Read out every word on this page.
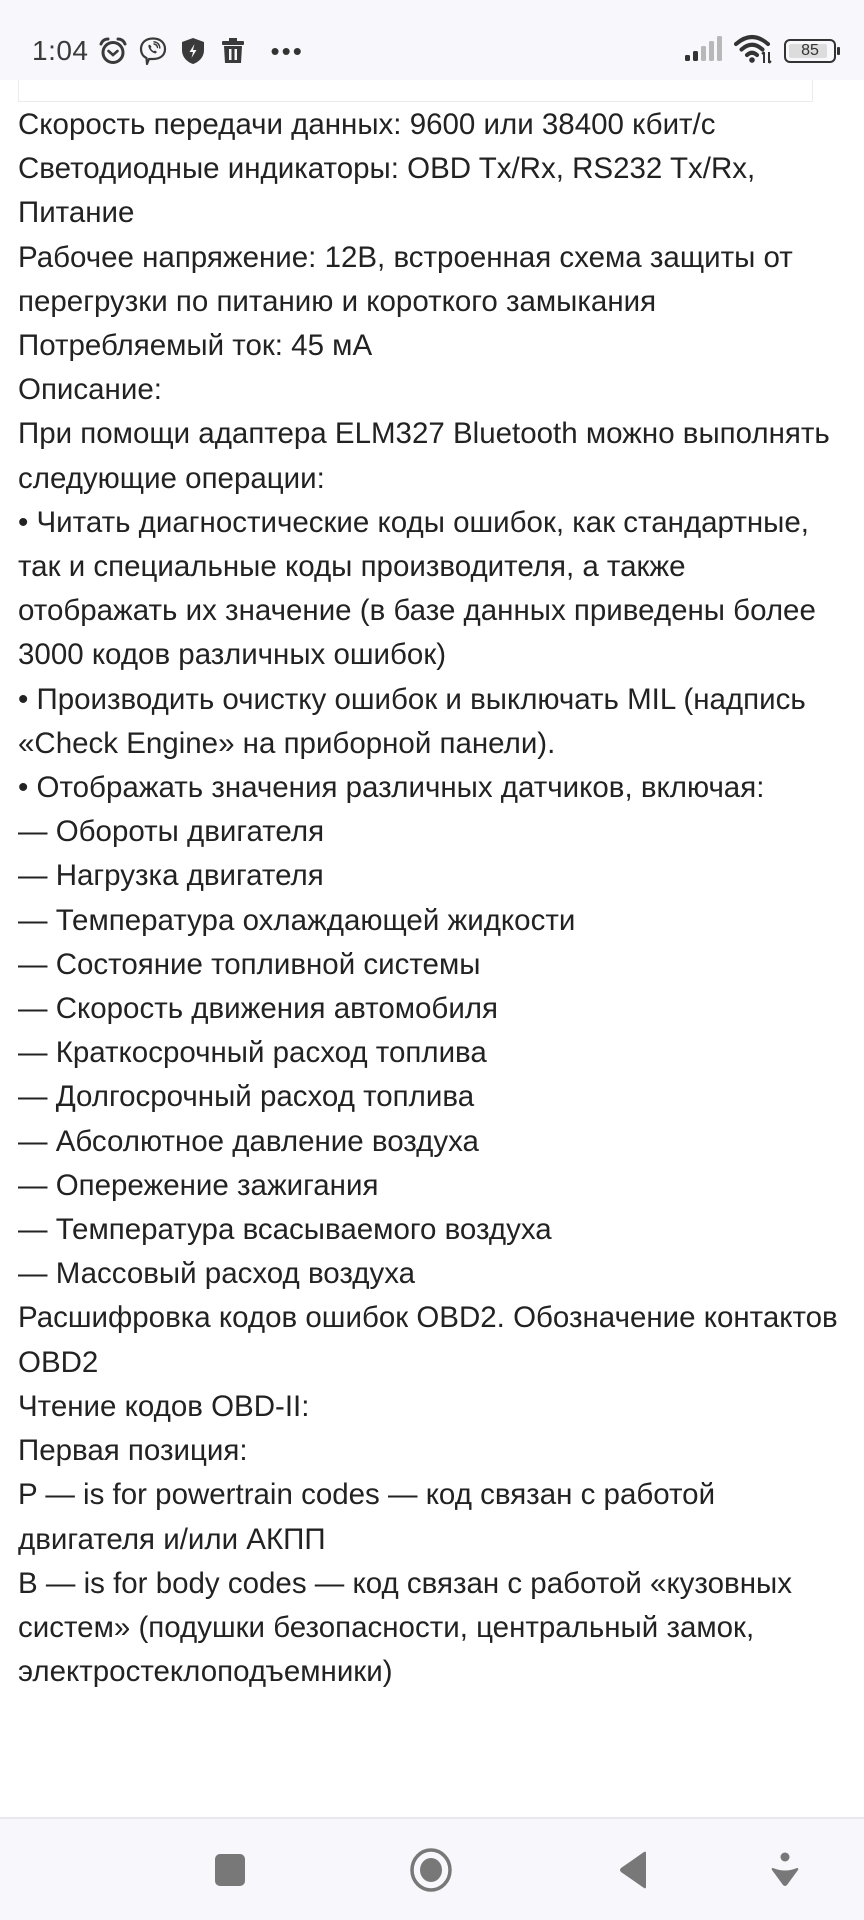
1:04	•••	85

Скорость передачи данных: 9600 или 38400 кбит/с

Светодиодные индикаторы: OBD Tx/Rx, RS232 Tx/Rx, Питание

Рабочее напряжение: 12В, встроенная схема защиты от перегрузки по питанию и короткого замыкания

Потребляемый ток: 45 мА

Описание:

При помощи адаптера ELM327 Bluetooth можно выполнять следующие операции:

• Читать диагностические коды ошибок, как стандартные, так и специальные коды производителя, а также отображать их значение (в базе данных приведены более 3000 кодов различных ошибок)

• Производить очистку ошибок и выключать MIL (надпись «Check Engine» на приборной панели).

• Отображать значения различных датчиков, включая:

— Обороты двигателя

— Нагрузка двигателя

— Температура охлаждающей жидкости

— Состояние топливной системы

— Скорость движения автомобиля

— Краткосрочный расход топлива

— Долгосрочный расход топлива

— Абсолютное давление воздуха

— Опережение зажигания

— Температура всасываемого воздуха

— Массовый расход воздуха

Расшифровка кодов ошибок OBD2. Обозначение контактов OBD2

Чтение кодов OBD-II:

Первая позиция:

P — is for powertrain codes — код связан с работой двигателя и/или АКПП

B — is for body codes — код связан с работой «кузовных систем» (подушки безопасности, центральный замок, электростеклоподъемники)
